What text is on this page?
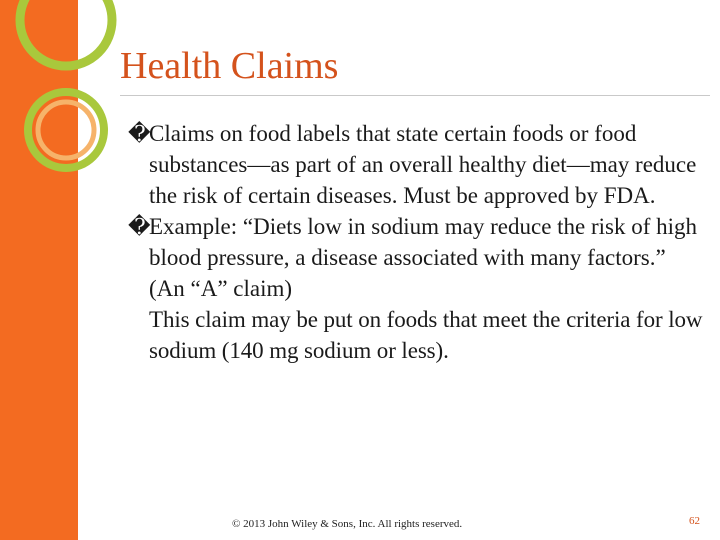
Health Claims

�
Claims on food labels that state certain foods or food substances—as part of an overall healthy diet—may reduce the risk of certain diseases. Must be approved by FDA.

�
Example: “Diets low in sodium may reduce the risk of high blood pressure, a disease associated with many factors.” (An “A” claim)

This claim may be put on foods that meet the criteria for low sodium (140 mg sodium or less).

© 2013 John Wiley & Sons, Inc. All rights reserved.	62
